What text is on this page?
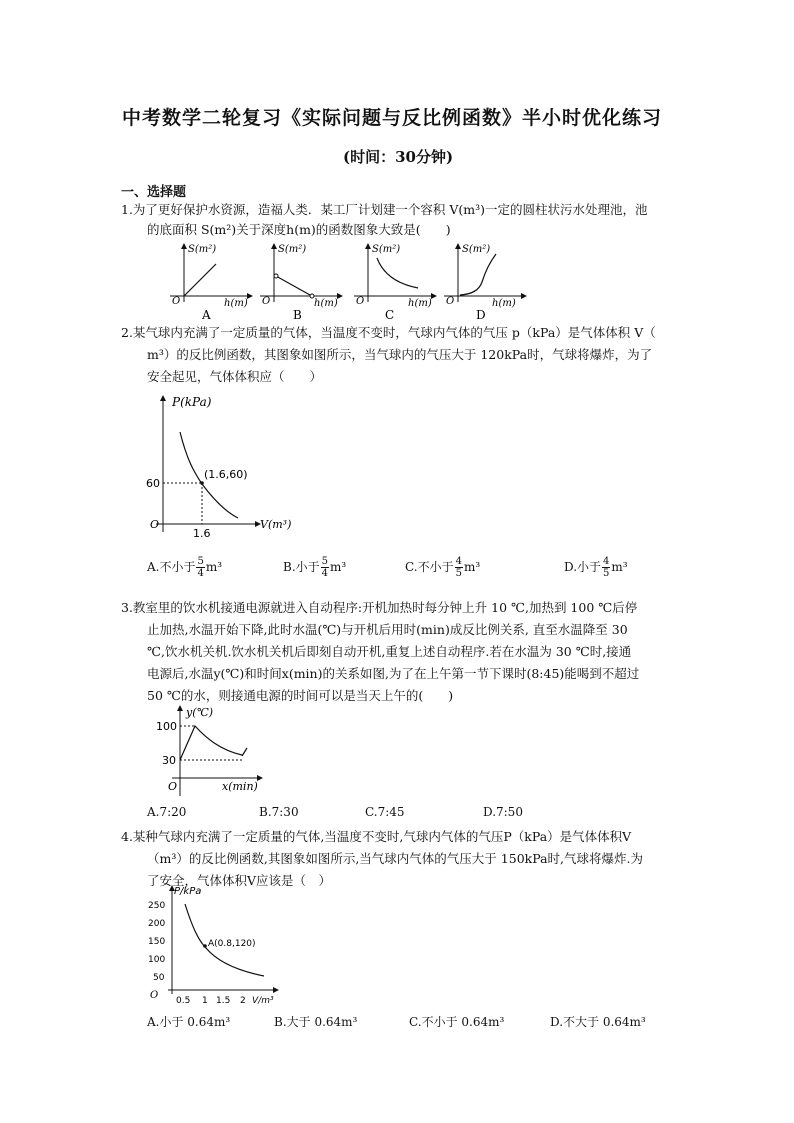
中考数学二轮复习《实际问题与反比例函数》半小时优化练习
(时间：30分钟)
一、选择题
1.为了更好保护水资源，造福人类．某工厂计划建一个容积 V(m³)一定的圆柱状污水处理池，池
的底面积 S(m²)关于深度h(m)的函数图象大致是(　　)
S(m²)
O	h(m)
A
S(m²)
O	h(m)
B
S(m²)
O	h(m)
C
S(m²)
O	h(m)
D
2.某气球内充满了一定质量的气体，当温度不变时，气球内气体的气压 p（kPa）是气体体积 V（
m³）的反比例函数，其图象如图所示，当气球内的气压大于 120kPa时，气球将爆炸，为了
安全起见，气体体积应（　　）
P(kPa)
(1.6,60)
60
1.6
O	V(m³)
A.不小于 $\frac{5}{4} m^3$	B.小于 $\frac{5}{4} m^3$	C.不小于 $\frac{4}{5} m^3$	D.小于 $\frac{4}{5} m^3$
3.教室里的饮水机接通电源就进入自动程序:开机加热时每分钟上升 10 ℃,加热到 100 ℃后停
止加热,水温开始下降,此时水温(℃)与开机后用时(min)成反比例关系, 直至水温降至 30
℃,饮水机关机.饮水机关机后即刻自动开机,重复上述自动程序.若在水温为 30 ℃时,接通
电源后,水温y(℃)和时间x(min)的关系如图,为了在上午第一节下课时(8:45)能喝到不超过
50 ℃的水，则接通电源的时间可以是当天上午的(　　)
y(℃)
100
30
O	x(min)
A.7:20	B.7:30	C.7:45	D.7:50
4.某种气球内充满了一定质量的气体,当温度不变时,气球内气体的气压P（kPa）是气体体积V
（m³）的反比例函数,其图象如图所示,当气球内气体的气压大于 150kPa时,气球将爆炸.为
了安全，气体体积V应该是（　）
P/kPa
A(0.8,120)
250
200
150
100
50
O 0.5 1 1.5 2 V/m³
A.小于 0.64m³	B.大于 0.64m³	C.不小于 0.64m³	D.不大于 0.64m³
